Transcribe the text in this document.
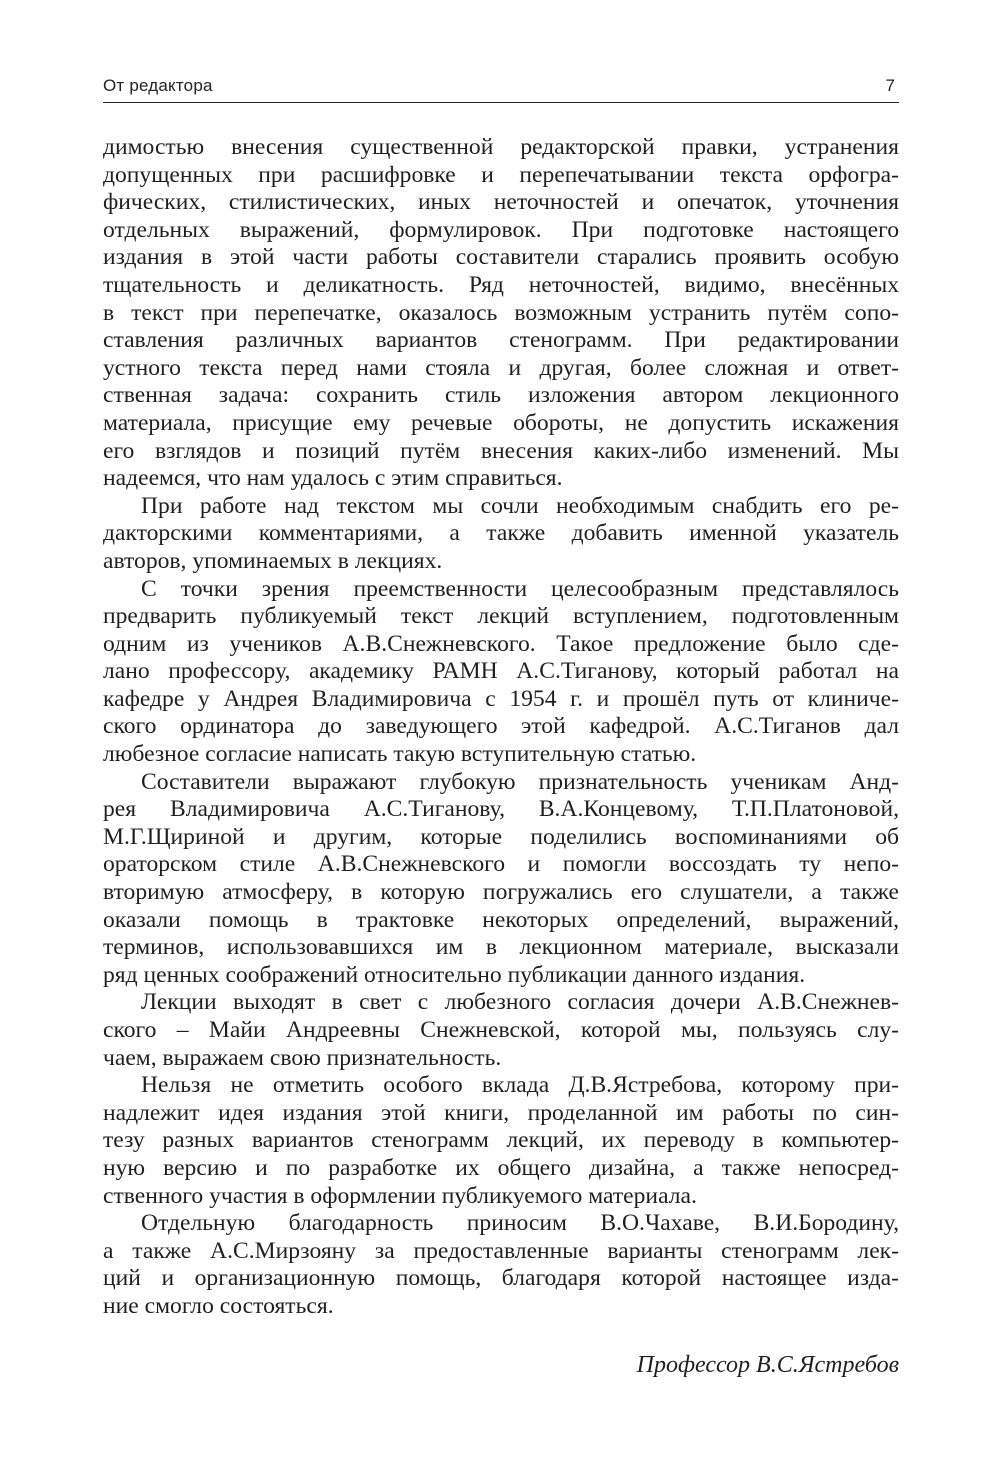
От редактора	7
димостью внесения существенной редакторской правки, устранения
допущенных при расшифровке и перепечатывании текста орфогра-
фических, стилистических, иных неточностей и опечаток, уточнения
отдельных выражений, формулировок. При подготовке настоящего
издания в этой части работы составители старались проявить особую
тщательность и деликатность. Ряд неточностей, видимо, внесённых
в текст при перепечатке, оказалось возможным устранить путём сопо-
ставления различных вариантов стенограмм. При редактировании
устного текста перед нами стояла и другая, более сложная и ответ-
ственная задача: сохранить стиль изложения автором лекционного
материала, присущие ему речевые обороты, не допустить искажения
его взглядов и позиций путём внесения каких-либо изменений. Мы
надеемся, что нам удалось с этим справиться.
При работе над текстом мы сочли необходимым снабдить его ре-
дакторскими комментариями, а также добавить именной указатель
авторов, упоминаемых в лекциях.
С точки зрения преемственности целесообразным представлялось
предварить публикуемый текст лекций вступлением, подготовленным
одним из учеников А.В.Снежневского. Такое предложение было сде-
лано профессору, академику РАМН А.С.Тиганову, который работал на
кафедре у Андрея Владимировича с 1954 г. и прошёл путь от клиниче-
ского ординатора до заведующего этой кафедрой. А.С.Тиганов дал
любезное согласие написать такую вступительную статью.
Составители выражают глубокую признательность ученикам Анд-
рея Владимировича А.С.Тиганову, В.А.Концевому, Т.П.Платоновой,
М.Г.Щириной и другим, которые поделились воспоминаниями об
ораторском стиле А.В.Снежневского и помогли воссоздать ту непо-
вторимую атмосферу, в которую погружались его слушатели, а также
оказали помощь в трактовке некоторых определений, выражений,
терминов, использовавшихся им в лекционном материале, высказали
ряд ценных соображений относительно публикации данного издания.
Лекции выходят в свет с любезного согласия дочери А.В.Снежнев-
ского – Майи Андреевны Снежневской, которой мы, пользуясь слу-
чаем, выражаем свою признательность.
Нельзя не отметить особого вклада Д.В.Ястребова, которому при-
надлежит идея издания этой книги, проделанной им работы по син-
тезу разных вариантов стенограмм лекций, их переводу в компьютер-
ную версию и по разработке их общего дизайна, а также непосред-
ственного участия в оформлении публикуемого материала.
Отдельную благодарность приносим В.О.Чахаве, В.И.Бородину,
а также А.С.Мирзояну за предоставленные варианты стенограмм лек-
ций и организационную помощь, благодаря которой настоящее изда-
ние смогло состояться.
Профессор В.С.Ястребов
